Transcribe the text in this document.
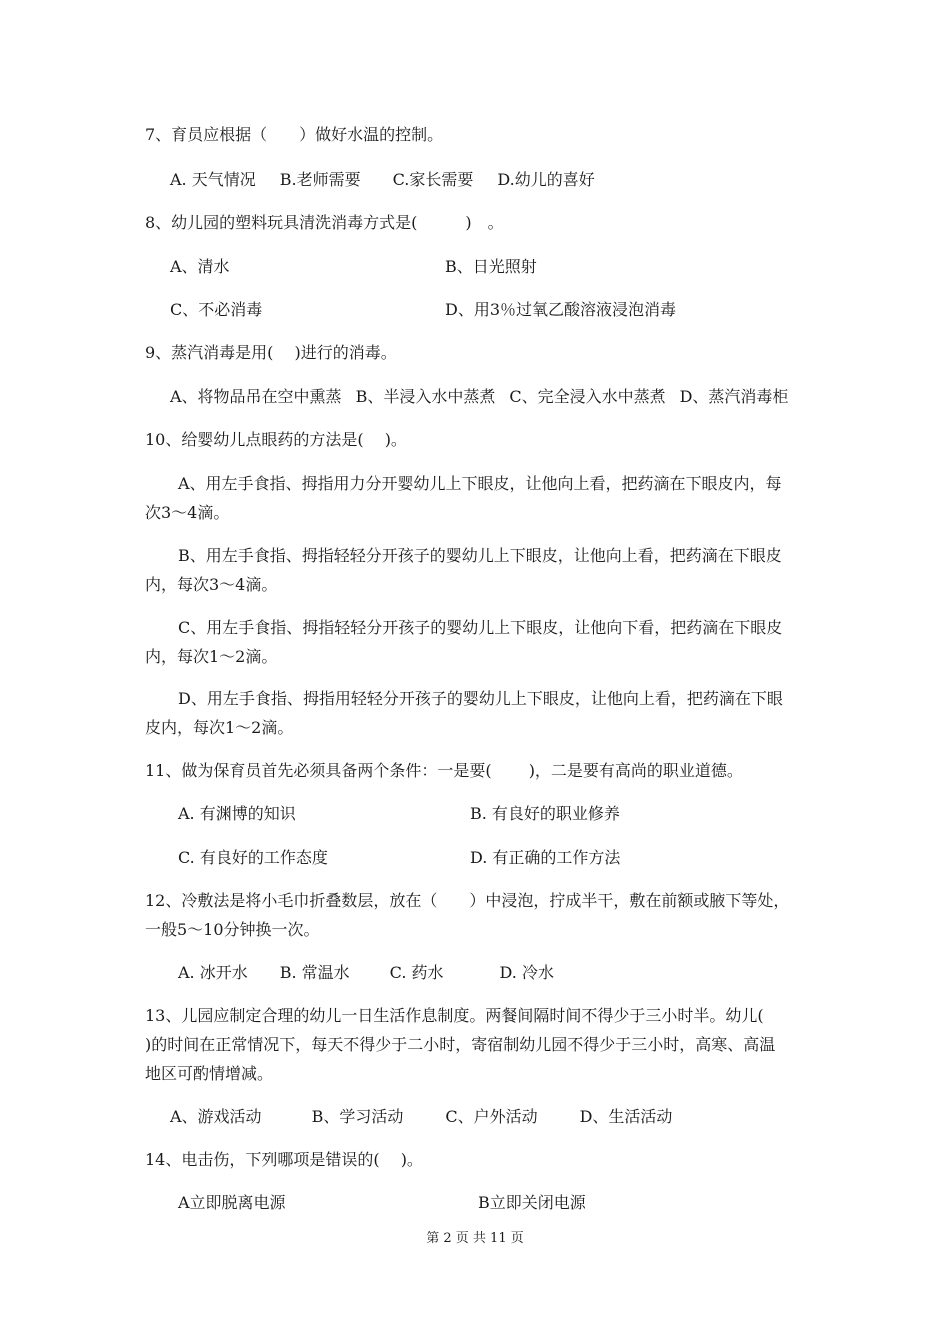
7、育员应根据（　　）做好水温的控制。
A. 天气情况 B.老师需要 C.家长需要 D.幼儿的喜好
8、幼儿园的塑料玩具清洗消毒方式是(　　　)　。
A、清水	B、日光照射
C、不必消毒	D、用3％过氧乙酸溶液浸泡消毒
9、蒸汽消毒是用(　 )进行的消毒。
A、将物品吊在空中熏蒸 B、半浸入水中蒸煮 C、完全浸入水中蒸煮 D、蒸汽消毒柜
10、给婴幼儿点眼药的方法是(　 )。
A、用左手食指、拇指用力分开婴幼儿上下眼皮，让他向上看，把药滴在下眼皮内，每
次3～4滴。
B、用左手食指、拇指轻轻分开孩子的婴幼儿上下眼皮，让他向上看，把药滴在下眼皮
内，每次3～4滴。
C、用左手食指、拇指轻轻分开孩子的婴幼儿上下眼皮，让他向下看，把药滴在下眼皮
内，每次1～2滴。
D、用左手食指、拇指用轻轻分开孩子的婴幼儿上下眼皮，让他向上看，把药滴在下眼
皮内，每次1～2滴。
11、做为保育员首先必须具备两个条件：一是要(　　 )，二是要有高尚的职业道德。
A. 有渊博的知识	B. 有良好的职业修养
C. 有良好的工作态度	D. 有正确的工作方法
12、冷敷法是将小毛巾折叠数层，放在（　　）中浸泡，拧成半干，敷在前额或腋下等处，
一般5～10分钟换一次。
A. 冰开水 B. 常温水	C. 药水	D. 冷水
13、儿园应制定合理的幼儿一日生活作息制度。两餐间隔时间不得少于三小时半。幼儿(
)的时间在正常情况下，每天不得少于二小时，寄宿制幼儿园不得少于三小时，高寒、高温
地区可酌情增减。
A、游戏活动	B、学习活动	C、户外活动	D、生活活动
14、电击伤，下列哪项是错误的(　 )。
A立即脱离电源	B立即关闭电源
第 2 页 共 11 页
